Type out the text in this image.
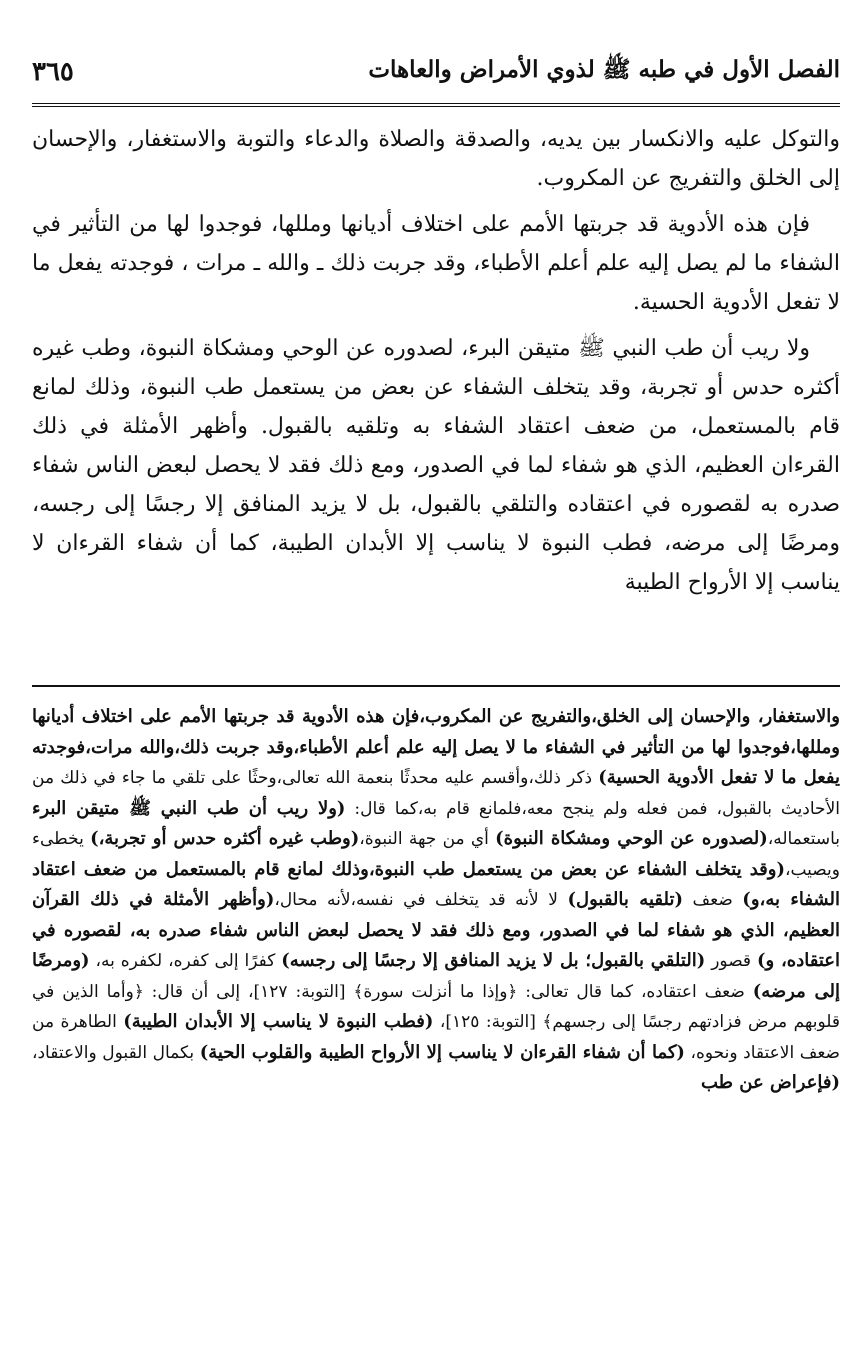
الفصل الأول في طبه ﷺ لذوي الأمراض والعاهات
٣٦٥

والتوكل عليه والانكسار بين يديه، والصدقة والصلاة والدعاء والتوبة والاستغفار، والإحسان إلى الخلق والتفريج عن المكروب.

فإن هذه الأدوية قد جربتها الأمم على اختلاف أديانها ومللها، فوجدوا لها من التأثير في الشفاء ما لم يصل إليه علم أعلم الأطباء، وقد جربت ذلك ـ والله ـ مرات ، فوجدته يفعل ما لا تفعل الأدوية الحسية.

ولا ريب أن طب النبي ﷺ متيقن البرء، لصدوره عن الوحي ومشكاة النبوة، وطب غيره أكثره حدس أو تجربة، وقد يتخلف الشفاء عن بعض من يستعمل طب النبوة، وذلك لمانع قام بالمستعمل، من ضعف اعتقاد الشفاء به وتلقيه بالقبول. وأظهر الأمثلة في ذلك القرءان العظيم، الذي هو شفاء لما في الصدور، ومع ذلك فقد لا يحصل لبعض الناس شفاء صدره به لقصوره في اعتقاده والتلقي بالقبول، بل لا يزيد المنافق إلا رجسًا إلى رجسه، ومرضًا إلى مرضه، فطب النبوة لا يناسب إلا الأبدان الطيبة، كما أن شفاء القرءان لا يناسب إلا الأرواح الطيبة

والاستغفار، والإحسان إلى الخلق،والتفريج عن المكروب،فإن هذه الأدوية قد جربتها الأمم على اختلاف أديانها ومللها،فوجدوا لها من التأثير في الشفاء ما لا يصل إليه علم أعلم الأطباء،وقد جربت ذلك،والله مرات،فوجدته يفعل ما لا تفعل الأدوية الحسية) ذكر ذلك،وأقسم عليه محدثًا بنعمة الله تعالى،وحثًا على تلقي ما جاء في ذلك من الأحاديث بالقبول، فمن فعله ولم ينجح معه،فلمانع قام به،كما قال: (ولا ريب أن طب النبي ﷺ متيقن البرء باستعماله،(لصدوره عن الوحي ومشكاة النبوة) أي من جهة النبوة،(وطب غيره أكثره حدس أو تجربة،) يخطىء ويصيب،(وقد يتخلف الشفاء عن بعض من يستعمل طب النبوة،وذلك لمانع قام بالمستعمل من ضعف اعتقاد الشفاء به،و) ضعف (تلقيه بالقبول) لا لأنه قد يتخلف في نفسه،لأنه محال،(وأظهر الأمثلة في ذلك القرآن العظيم، الذي هو شفاء لما في الصدور، ومع ذلك فقد لا يحصل لبعض الناس شفاء صدره به، لقصوره في اعتقاده، و) قصور (التلقي بالقبول؛ بل لا يزيد المنافق إلا رجسًا إلى رجسه) كفرًا إلى كفره، لكفره به، (ومرضًا إلى مرضه) ضعف اعتقاده، كما قال تعالى: ﴿وإذا ما أنزلت سورة﴾ [التوبة: ١٢٧]، إلى أن قال: ﴿وأما الذين في قلوبهم مرض فزادتهم رجسًا إلى رجسهم﴾ [التوبة: ١٢٥]، (فطب النبوة لا يناسب إلا الأبدان الطيبة) الطاهرة من ضعف الاعتقاد ونحوه، (كما أن شفاء القرءان لا يناسب إلا الأرواح الطيبة والقلوب الحية) بكمال القبول والاعتقاد، (فإعراض عن طب
